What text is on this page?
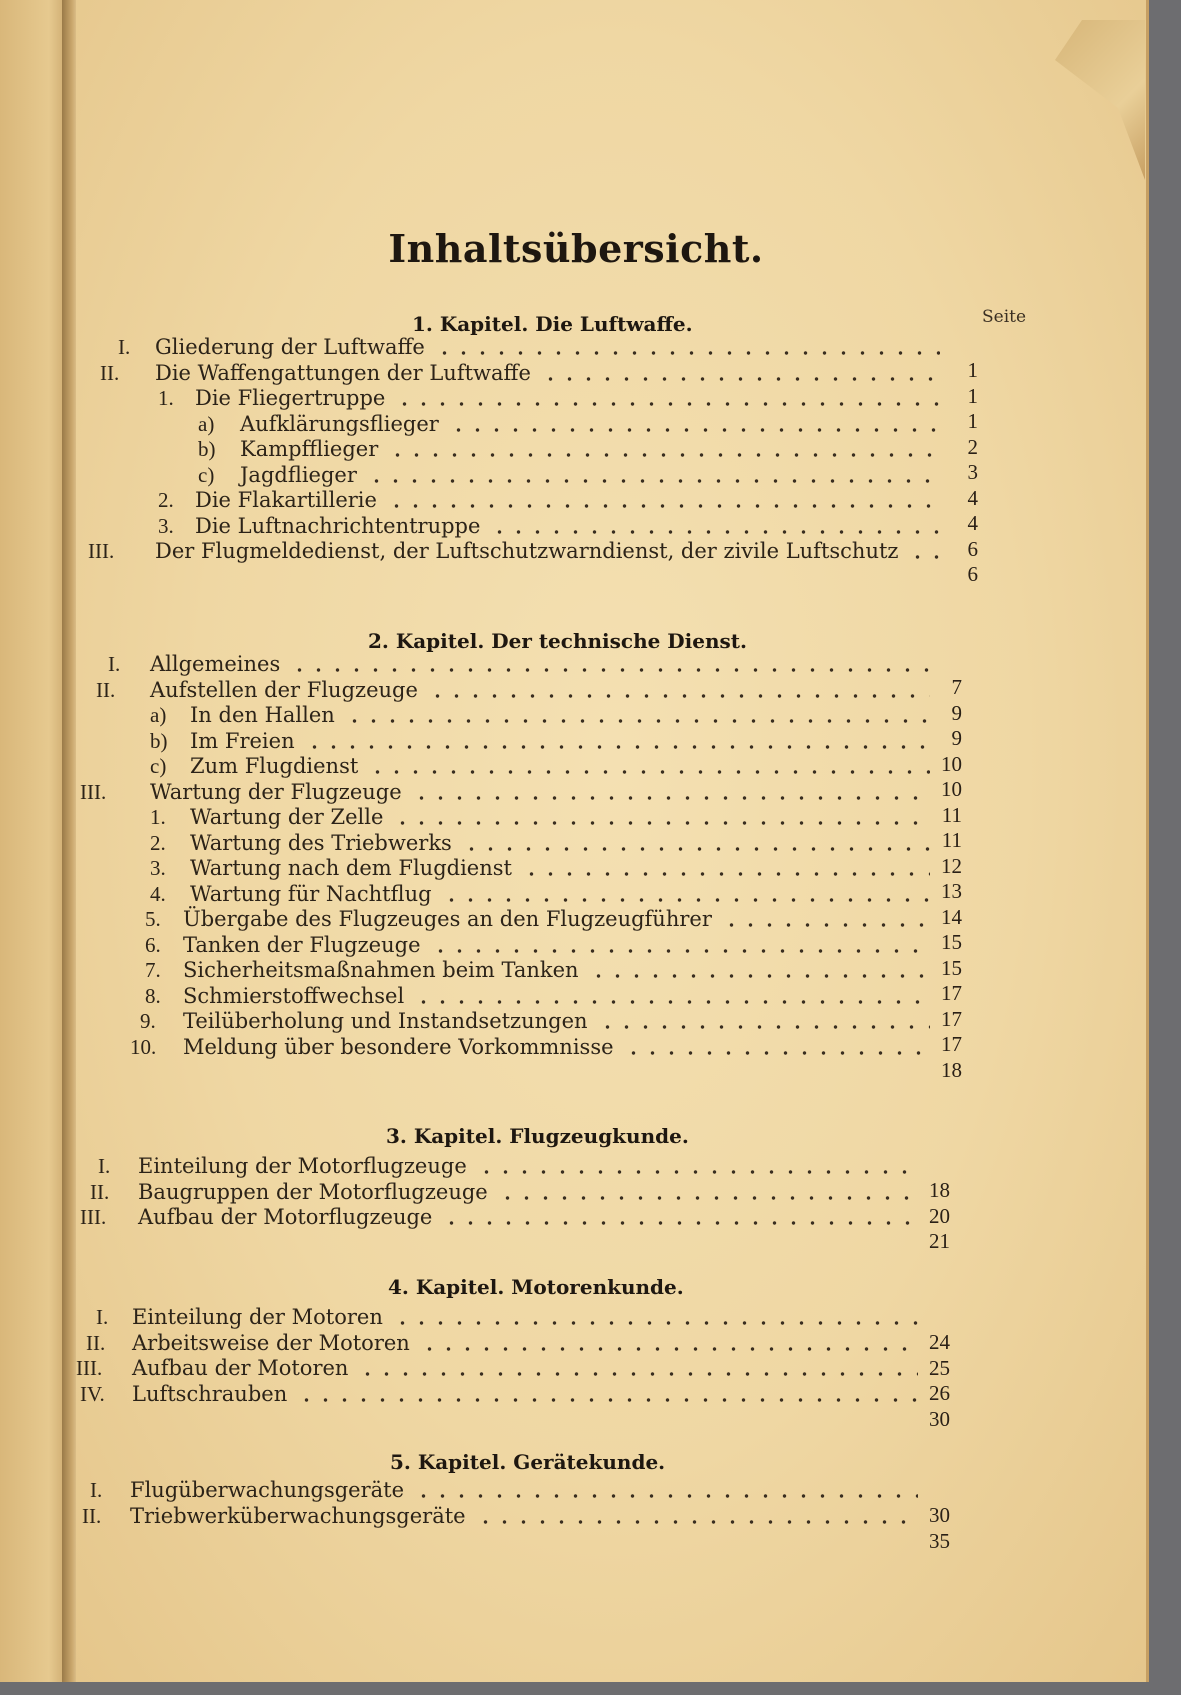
Inhaltsübersicht.
Seite
1. Kapitel. Die Luftwaffe.
I. Gliederung der Luftwaffe
II. Die Waffengattungen der Luftwaffe
1. Die Fliegertruppe
a) Aufklärungsflieger
b) Kampfflieger
c) Jagdflieger
2. Die Flakartillerie
3. Die Luftnachrichtentruppe
III. Der Flugmeldedienst, der Luftschutzwarndienst, der zivile Luftschutz
1
1
1
2
3
4
4
6
6
2. Kapitel. Der technische Dienst.
I. Allgemeines
II. Aufstellen der Flugzeuge
a) In den Hallen
b) Im Freien
c) Zum Flugdienst
III. Wartung der Flugzeuge
1. Wartung der Zelle
2. Wartung des Triebwerks
3. Wartung nach dem Flugdienst
4. Wartung für Nachtflug
5. Übergabe des Flugzeuges an den Flugzeugführer
6. Tanken der Flugzeuge
7. Sicherheitsmaßnahmen beim Tanken
8. Schmierstoffwechsel
9. Teilüberholung und Instandsetzungen
10. Meldung über besondere Vorkommnisse
7
9
9
10
10
11
11
12
13
14
15
15
17
17
17
18
3. Kapitel. Flugzeugkunde.
I. Einteilung der Motorflugzeuge
II. Baugruppen der Motorflugzeuge
III. Aufbau der Motorflugzeuge
18
20
21
4. Kapitel. Motorenkunde.
I. Einteilung der Motoren
II. Arbeitsweise der Motoren
III. Aufbau der Motoren
IV. Luftschrauben
24
25
26
30
5. Kapitel. Gerätekunde.
I. Flugüberwachungsgeräte
II. Triebwerküberwachungsgeräte	30
35
